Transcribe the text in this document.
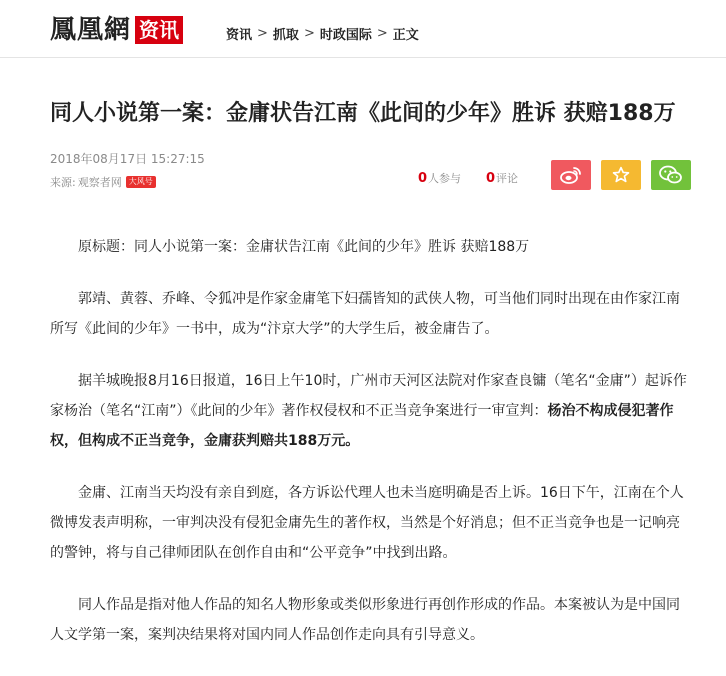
鳳凰網 资讯	资讯 > 抓取 > 时政国际 > 正文
同人小说第一案：金庸状告江南《此间的少年》胜诉 获赔188万
2018年08月17日 15:27:15
来源: 观察者网 大风号	0 人参与 0 评论

原标题：同人小说第一案：金庸状告江南《此间的少年》胜诉 获赔188万

郭靖、黄蓉、乔峰、令狐冲是作家金庸笔下妇孺皆知的武侠人物，可当他们同时出现在由作家江南所写《此间的少年》一书中，成为“汴京大学”的大学生后，被金庸告了。

据羊城晚报8月16日报道，16日上午10时，广州市天河区法院对作家查良镛（笔名“金庸”）起诉作家杨治（笔名“江南”）《此间的少年》著作权侵权和不正当竞争案进行一审宣判：杨治不构成侵犯著作权，但构成不正当竞争，金庸获判赔共188万元。

金庸、江南当天均没有亲自到庭，各方诉讼代理人也未当庭明确是否上诉。16日下午，江南在个人微博发表声明称，一审判决没有侵犯金庸先生的著作权，当然是个好消息；但不正当竞争也是一记响亮的警钟，将与自己律师团队在创作自由和“公平竞争”中找到出路。

同人作品是指对他人作品的知名人物形象或类似形象进行再创作形成的作品。本案被认为是中国同人文学第一案，案判决结果将对国内同人作品创作走向具有引导意义。
